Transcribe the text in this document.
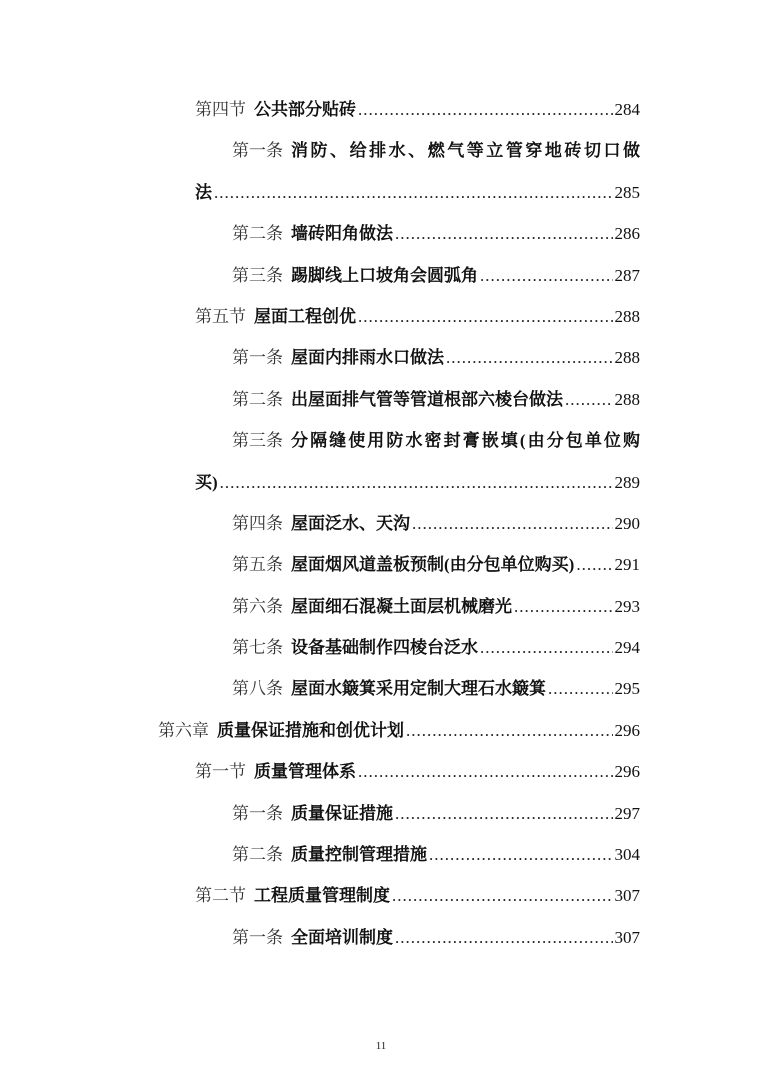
第四节 公共部分贴砖 .....	284
第一条 消防、给排水、燃气等立管穿地砖切口做
法 .....	285
第二条 墙砖阳角做法 .....	286
第三条 踢脚线上口坡角会圆弧角 .....	287
第五节 屋面工程创优 .....	288
第一条 屋面内排雨水口做法 .....	288
第二条 出屋面排气管等管道根部六棱台做法 .....	288
第三条 分隔缝使用防水密封膏嵌填(由分包单位购
买) .....	289
第四条 屋面泛水、天沟 .....	290
第五条 屋面烟风道盖板预制(由分包单位购买) ..... 291
第六条 屋面细石混凝土面层机械磨光 .....	293
第七条 设备基础制作四棱台泛水 .....	294
第八条 屋面水簸箕采用定制大理石水簸箕 .....	295
第六章 质量保证措施和创优计划 .....	296
第一节 质量管理体系 .....	296
第一条 质量保证措施 .....	297
第二条 质量控制管理措施 .....	304
第二节 工程质量管理制度 .....	307
第一条 全面培训制度 .....	307
11
